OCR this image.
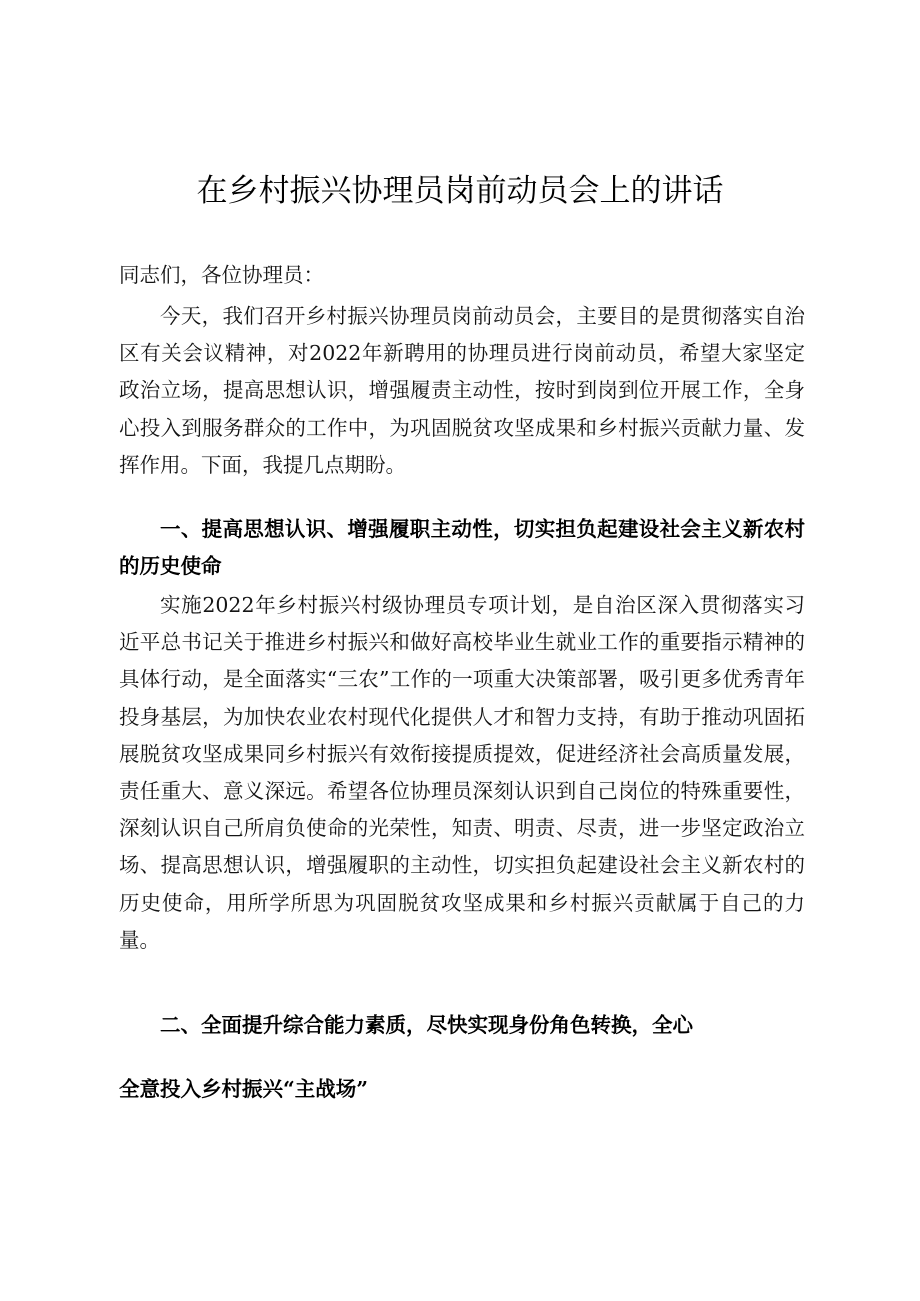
在乡村振兴协理员岗前动员会上的讲话
同志们，各位协理员：
今天，我们召开乡村振兴协理员岗前动员会，主要目的是贯彻落实自治区有关会议精神，对2022年新聘用的协理员进行岗前动员，希望大家坚定政治立场，提高思想认识，增强履责主动性，按时到岗到位开展工作，全身心投入到服务群众的工作中，为巩固脱贫攻坚成果和乡村振兴贡献力量、发挥作用。下面，我提几点期盼。
一、提高思想认识、增强履职主动性，切实担负起建设社会主义新农村的历史使命
实施2022年乡村振兴村级协理员专项计划，是自治区深入贯彻落实习近平总书记关于推进乡村振兴和做好高校毕业生就业工作的重要指示精神的具体行动，是全面落实“三农”工作的一项重大决策部署，吸引更多优秀青年投身基层，为加快农业农村现代化提供人才和智力支持，有助于推动巩固拓展脱贫攻坚成果同乡村振兴有效衔接提质提效，促进经济社会高质量发展，责任重大、意义深远。希望各位协理员深刻认识到自己岗位的特殊重要性，深刻认识自己所肩负使命的光荣性，知责、明责、尽责，进一步坚定政治立场、提高思想认识，增强履职的主动性，切实担负起建设社会主义新农村的历史使命，用所学所思为巩固脱贫攻坚成果和乡村振兴贡献属于自己的力量。
二、全面提升综合能力素质，尽快实现身份角色转换，全心
全意投入乡村振兴“主战场”
